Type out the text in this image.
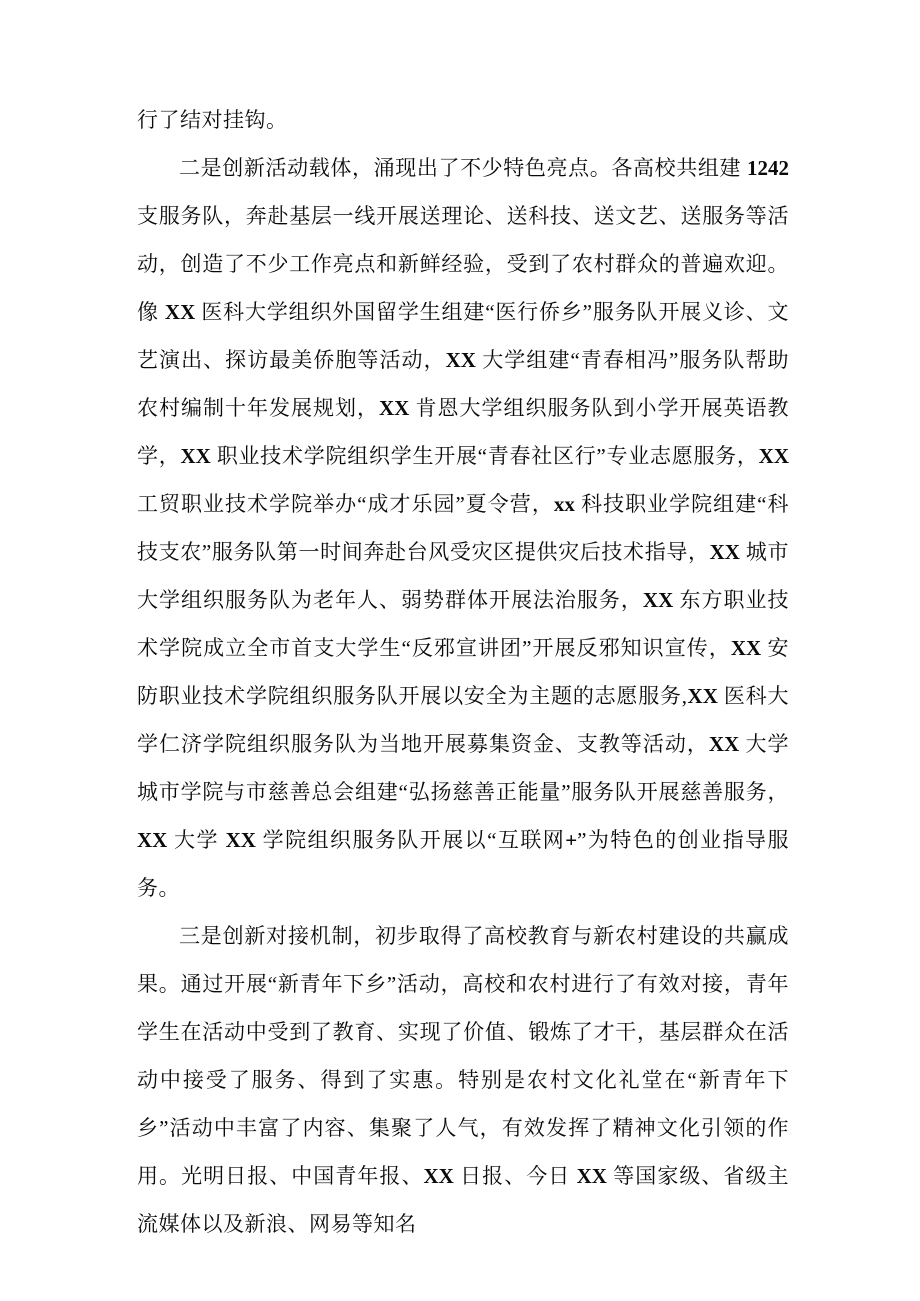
行了结对挂钩。

二是创新活动载体，涌现出了不少特色亮点。各高校共组建 1242 支服务队，奔赴基层一线开展送理论、送科技、送文艺、送服务等活动，创造了不少工作亮点和新鲜经验，受到了农村群众的普遍欢迎。像 XX 医科大学组织外国留学生组建“医行侨乡”服务队开展义诊、文艺演出、探访最美侨胞等活动，XX 大学组建“青春相冯”服务队帮助农村编制十年发展规划，XX 肯恩大学组织服务队到小学开展英语教学，XX 职业技术学院组织学生开展“青春社区行”专业志愿服务，XX 工贸职业技术学院举办“成才乐园”夏令营，xx 科技职业学院组建“科技支农”服务队第一时间奔赴台风受灾区提供灾后技术指导，XX 城市大学组织服务队为老年人、弱势群体开展法治服务，XX 东方职业技术学院成立全市首支大学生“反邪宣讲团”开展反邪知识宣传，XX 安防职业技术学院组织服务队开展以安全为主题的志愿服务,XX 医科大学仁济学院组织服务队为当地开展募集资金、支教等活动，XX 大学城市学院与市慈善总会组建“弘扬慈善正能量”服务队开展慈善服务，XX 大学 XX 学院组织服务队开展以“互联网+”为特色的创业指导服务。

三是创新对接机制，初步取得了高校教育与新农村建设的共赢成果。通过开展“新青年下乡”活动，高校和农村进行了有效对接，青年学生在活动中受到了教育、实现了价值、锻炼了才干，基层群众在活动中接受了服务、得到了实惠。特别是农村文化礼堂在“新青年下乡”活动中丰富了内容、集聚了人气，有效发挥了精神文化引领的作用。光明日报、中国青年报、XX 日报、今日 XX 等国家级、省级主流媒体以及新浪、网易等知名
